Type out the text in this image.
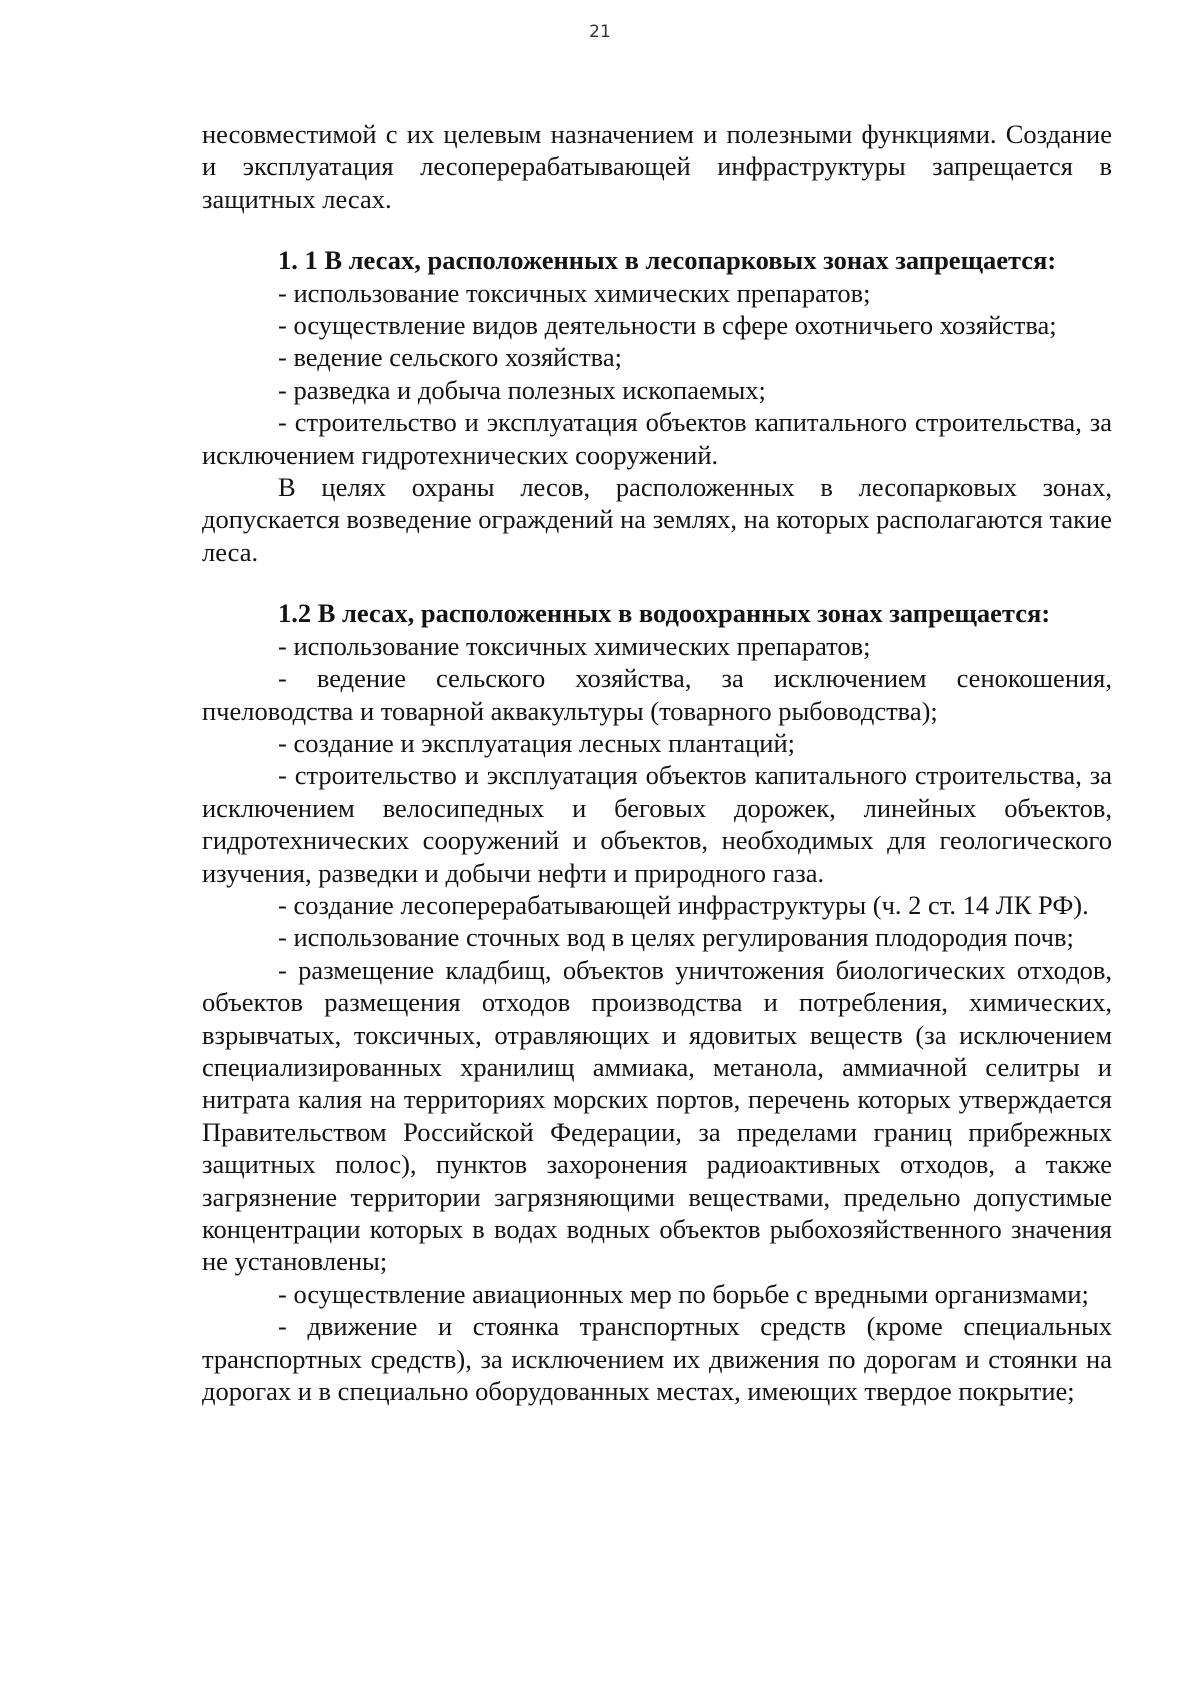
21

несовместимой с их целевым назначением и полезными функциями. Создание и эксплуатация лесоперерабатывающей инфраструктуры запрещается в защитных лесах.

1. 1 В лесах, расположенных в лесопарковых зонах запрещается:

- использование токсичных химических препаратов;

- осуществление видов деятельности в сфере охотничьего хозяйства;

- ведение сельского хозяйства;

- разведка и добыча полезных ископаемых;

- строительство и эксплуатация объектов капитального строительства, за исключением гидротехнических сооружений.

В целях охраны лесов, расположенных в лесопарковых зонах, допускается возведение ограждений на землях, на которых располагаются такие леса.

1.2 В лесах, расположенных в водоохранных зонах запрещается:

- использование токсичных химических препаратов;

- ведение сельского хозяйства, за исключением сенокошения, пчеловодства и товарной аквакультуры (товарного рыбоводства);

- создание и эксплуатация лесных плантаций;

- строительство и эксплуатация объектов капитального строительства, за исключением велосипедных и беговых дорожек, линейных объектов, гидротехнических сооружений и объектов, необходимых для геологического изучения, разведки и добычи нефти и природного газа.

- создание лесоперерабатывающей инфраструктуры (ч. 2 ст. 14 ЛК РФ).

- использование сточных вод в целях регулирования плодородия почв;

- размещение кладбищ, объектов уничтожения биологических отходов, объектов размещения отходов производства и потребления, химических, взрывчатых, токсичных, отравляющих и ядовитых веществ (за исключением специализированных хранилищ аммиака, метанола, аммиачной селитры и нитрата калия на территориях морских портов, перечень которых утверждается Правительством Российской Федерации, за пределами границ прибрежных защитных полос), пунктов захоронения радиоактивных отходов, а также загрязнение территории загрязняющими веществами, предельно допустимые концентрации которых в водах водных объектов рыбохозяйственного значения не установлены;

- осуществление авиационных мер по борьбе с вредными организмами;

- движение и стоянка транспортных средств (кроме специальных транспортных средств), за исключением их движения по дорогам и стоянки на дорогах и в специально оборудованных местах, имеющих твердое покрытие;
